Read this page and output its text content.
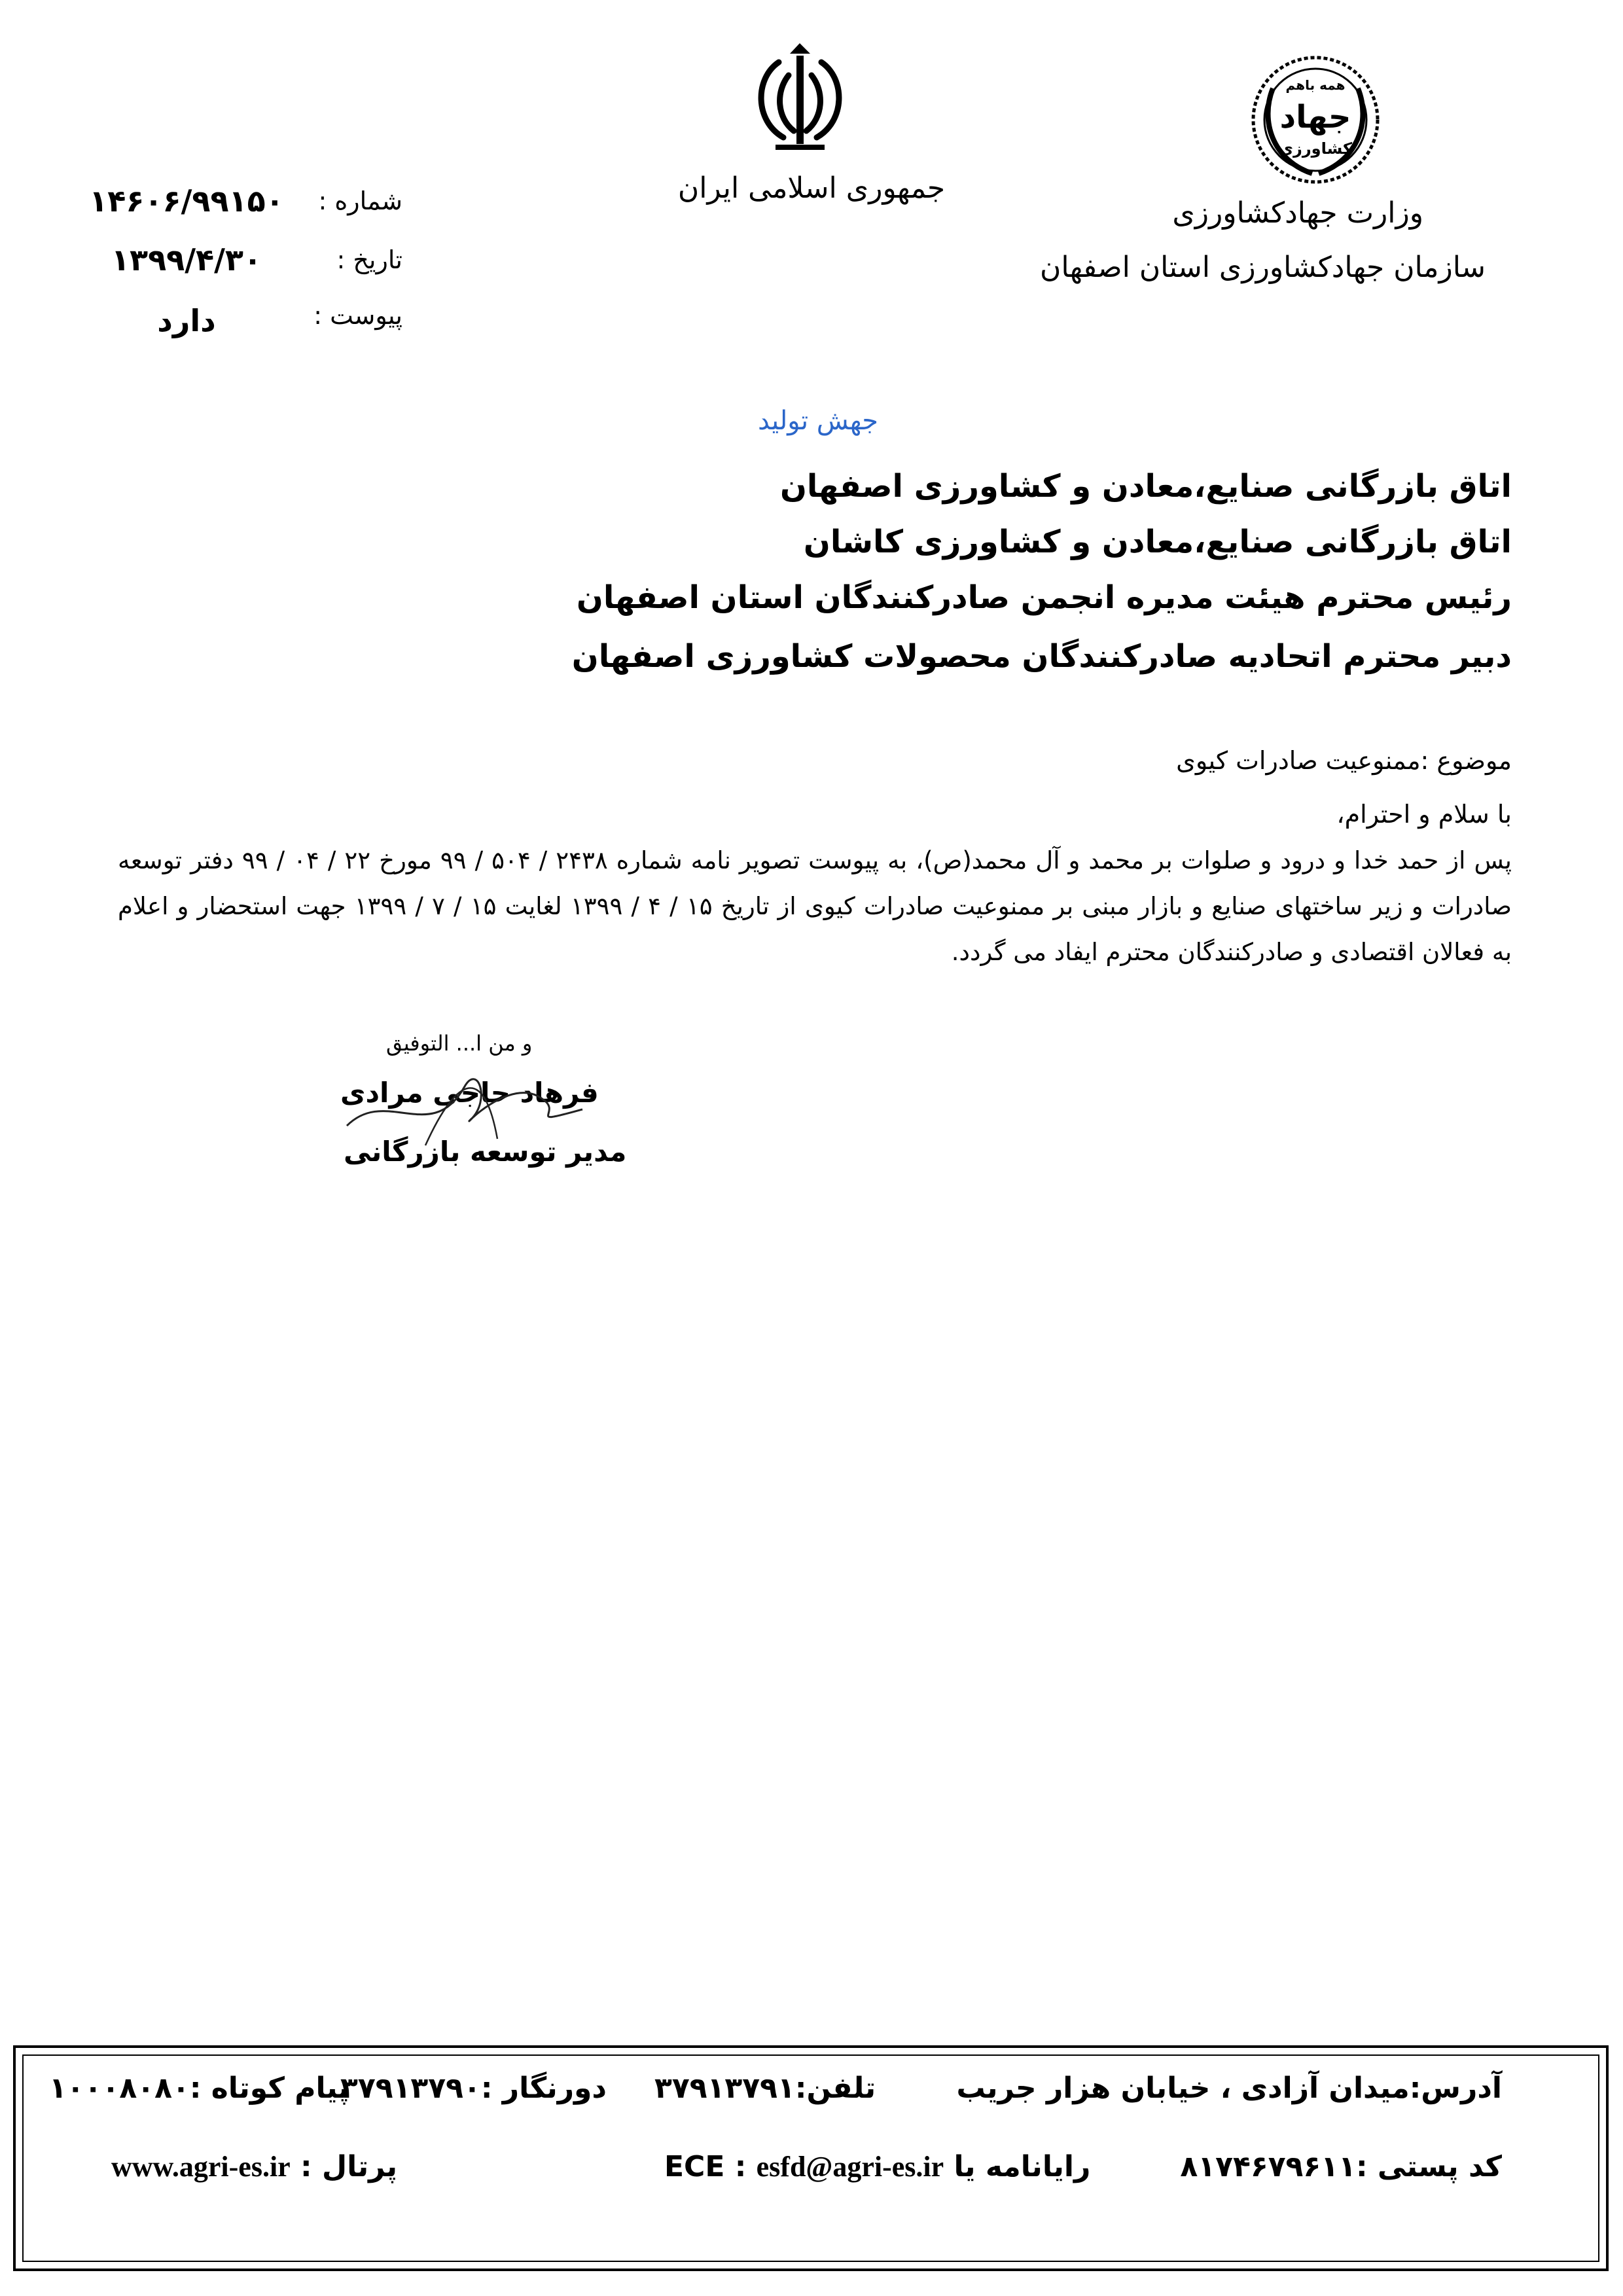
جمهوری اسلامی ایران
همه باهم
جهاد
کشاورزی
وزارت جهادکشاورزی
سازمان جهادکشاورزی استان اصفهان
شماره :
تاریخ :
پیوست :
۱۴۶۰۶/۹۹۱۵۰
۱۳۹۹/۴/۳۰
دارد
جهش تولید
اتاق بازرگانی صنایع،معادن و کشاورزی اصفهان
اتاق بازرگانی صنایع،معادن و کشاورزی کاشان
رئیس محترم هیئت مدیره انجمن صادرکنندگان استان اصفهان
دبیر محترم اتحادیه صادرکنندگان محصولات کشاورزی اصفهان
موضوع :ممنوعیت صادرات کیوی
با سلام و احترام،
پس از حمد خدا و درود و صلوات بر محمد و آل محمد(ص)، به پیوست تصویر نامه شماره ۲۴۳۸ / ۵۰۴ / ۹۹ مورخ ۲۲ / ۰۴ / ۹۹ دفتر توسعه صادرات و زیر ساختهای صنایع و بازار مبنی بر ممنوعیت صادرات کیوی از تاریخ ۱۵ / ۴ / ۱۳۹۹ لغایت ۱۵ / ۷ / ۱۳۹۹ جهت استحضار و اعلام به فعالان اقتصادی و صادرکنندگان محترم ایفاد می گردد.
و من ا... التوفیق
فرهاد حاجی مرادی
مدیر توسعه بازرگانی
آدرس:میدان آزادی ، خیابان هزار جریب
تلفن:۳۷۹۱۳۷۹۱
دورنگار :۳۷۹۱۳۷۹۰
پیام کوتاه :۱۰۰۰۸۰۸۰
کد پستی :۸۱۷۴۶۷۹۶۱۱
رایانامه یا ECE : esfd@agri-es.ir
پرتال : www.agri-es.ir
